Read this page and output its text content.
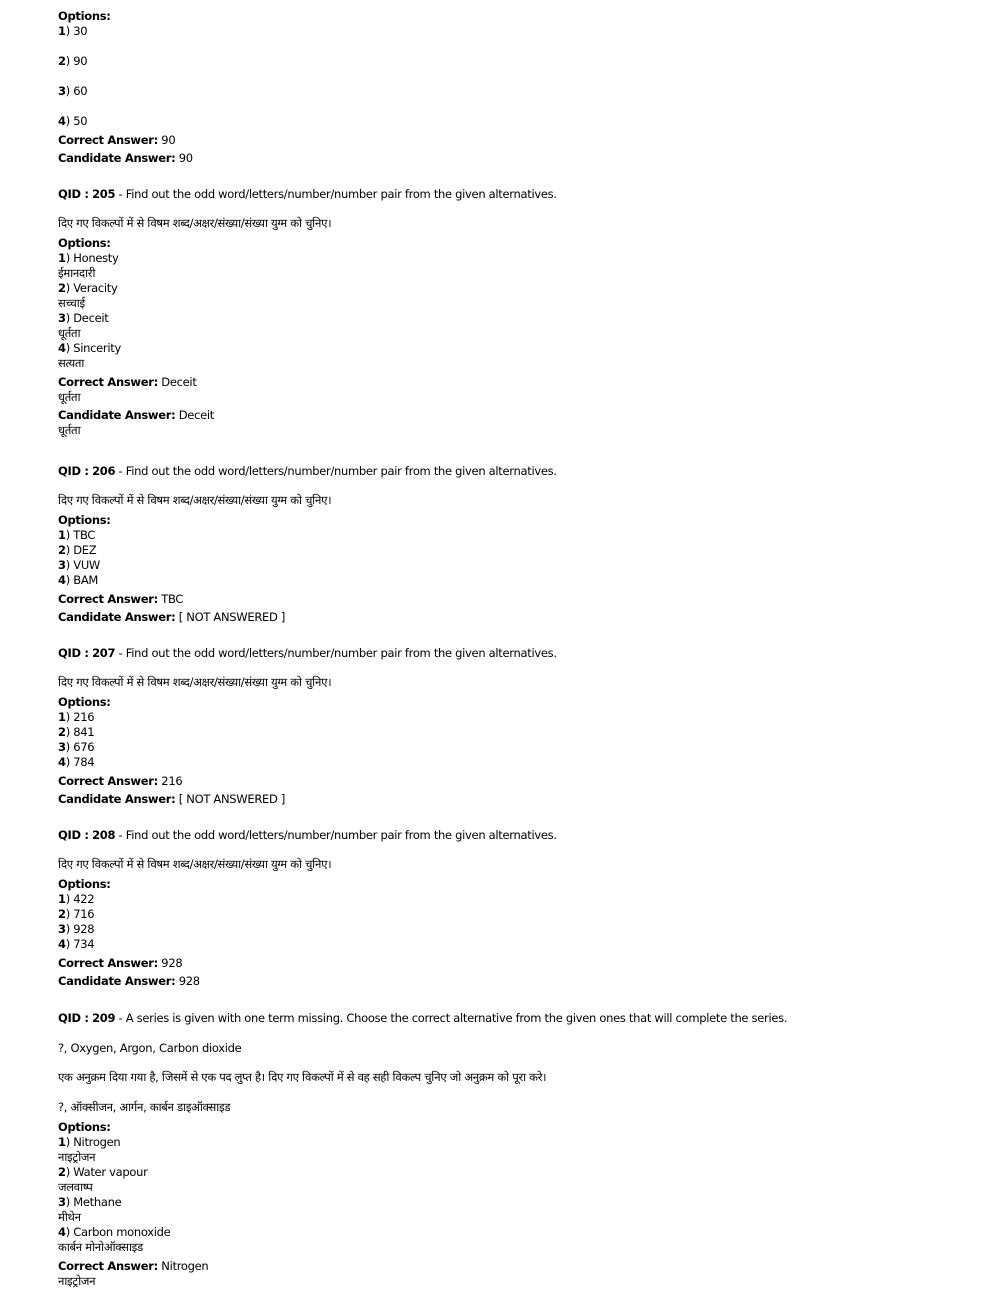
Options:
1) 30
2) 90
3) 60
4) 50
Correct Answer: 90
Candidate Answer: 90
QID : 205 - Find out the odd word/letters/number/number pair from the given alternatives.
दिए गए विकल्पों में से विषम शब्द/अक्षर/संख्या/संख्या युग्म को चुनिए।
Options:
1) Honesty
ईमानदारी
2) Veracity
सच्चाई
3) Deceit
धूर्तता
4) Sincerity
सत्यता
Correct Answer: Deceit
धूर्तता
Candidate Answer: Deceit
धूर्तता
QID : 206 - Find out the odd word/letters/number/number pair from the given alternatives.
दिए गए विकल्पों में से विषम शब्द/अक्षर/संख्या/संख्या युग्म को चुनिए।
Options:
1) TBC
2) DEZ
3) VUW
4) BAM
Correct Answer: TBC
Candidate Answer: [ NOT ANSWERED ]
QID : 207 - Find out the odd word/letters/number/number pair from the given alternatives.
दिए गए विकल्पों में से विषम शब्द/अक्षर/संख्या/संख्या युग्म को चुनिए।
Options:
1) 216
2) 841
3) 676
4) 784
Correct Answer: 216
Candidate Answer: [ NOT ANSWERED ]
QID : 208 - Find out the odd word/letters/number/number pair from the given alternatives.
दिए गए विकल्पों में से विषम शब्द/अक्षर/संख्या/संख्या युग्म को चुनिए।
Options:
1) 422
2) 716
3) 928
4) 734
Correct Answer: 928
Candidate Answer: 928
QID : 209 - A series is given with one term missing. Choose the correct alternative from the given ones that will complete the series.
?, Oxygen, Argon, Carbon dioxide
एक अनुक्रम दिया गया है, जिसमें से एक पद लुप्त है। दिए गए विकल्पों में से वह सही विकल्प चुनिए जो अनुक्रम को पूरा करे।
?, ऑक्सीजन, आर्गन, कार्बन डाइऑक्साइड
Options:
1) Nitrogen
नाइट्रोजन
2) Water vapour
जलवाष्प
3) Methane
मीथेन
4) Carbon monoxide
कार्बन मोनोऑक्साइड
Correct Answer: Nitrogen
नाइट्रोजन
